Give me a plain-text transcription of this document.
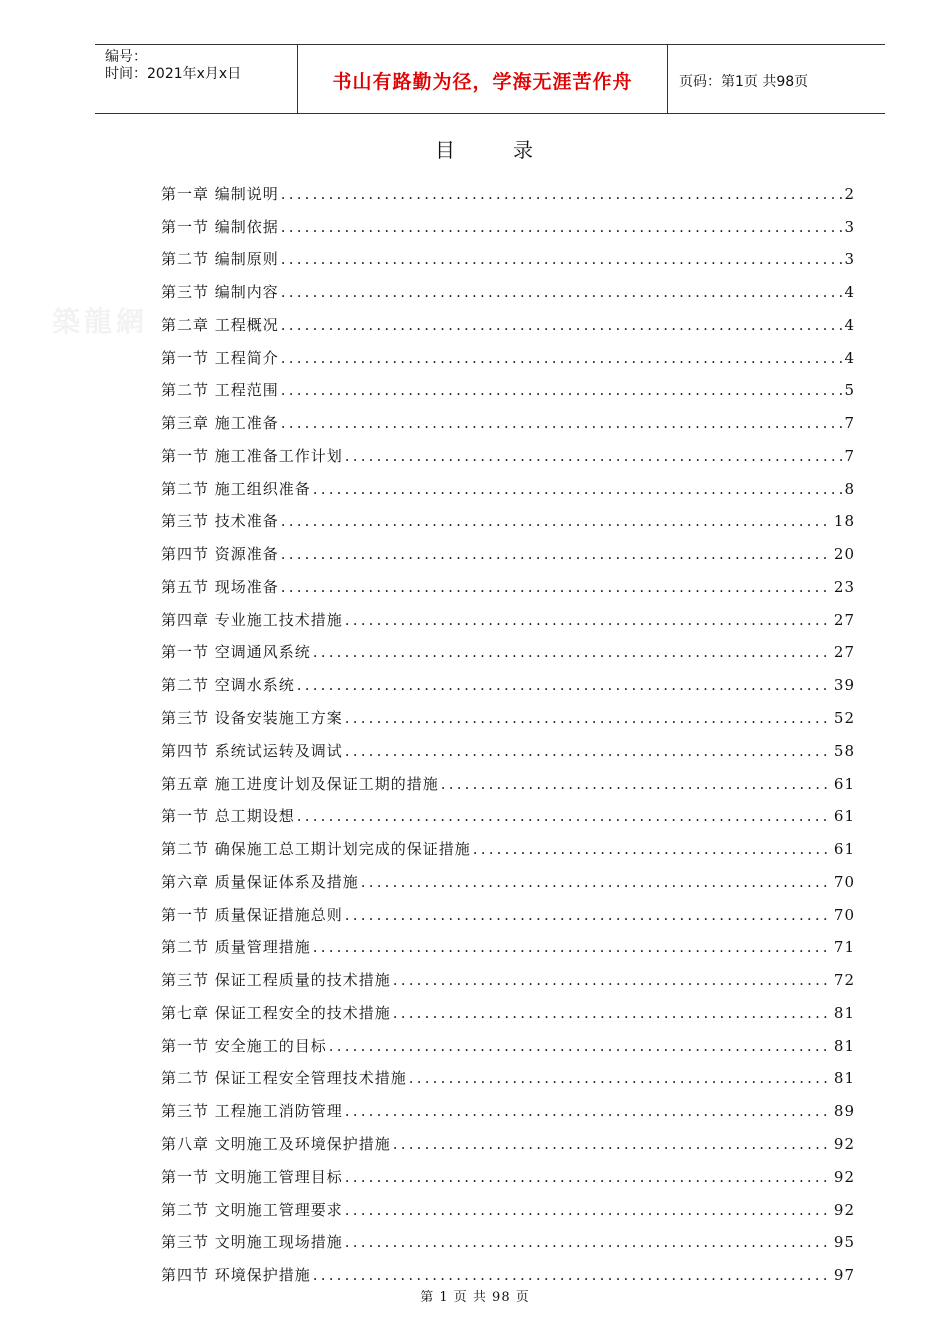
编号：
时间：2021年x月x日	书山有路勤为径，学海无涯苦作舟	页码：第1页 共98页
築龍網
目录
第一章 编制说明 .....	2
第一节 编制依据 .....	3
第二节 编制原则 .....	3
第三节 编制内容 .....	4
第二章 工程概况 .....	4
第一节 工程简介 .....	4
第二节 工程范围 .....	5
第三章 施工准备 .....	7
第一节 施工准备工作计划 .....	7
第二节 施工组织准备 .....	8
第三节 技术准备 .....	18
第四节 资源准备 .....	20
第五节 现场准备 .....	23
第四章 专业施工技术措施 .....	27
第一节 空调通风系统 .....	27
第二节 空调水系统 .....	39
第三节 设备安装施工方案 .....	52
第四节 系统试运转及调试 .....	58
第五章 施工进度计划及保证工期的措施 .....	61
第一节 总工期设想 .....	61
第二节 确保施工总工期计划完成的保证措施 .....	61
第六章 质量保证体系及措施 .....	70
第一节 质量保证措施总则 .....	70
第二节 质量管理措施 .....	71
第三节 保证工程质量的技术措施 .....	72
第七章 保证工程安全的技术措施 .....	81
第一节 安全施工的目标 .....	81
第二节 保证工程安全管理技术措施 .....	81
第三节 工程施工消防管理 .....	89
第八章 文明施工及环境保护措施 .....	92
第一节 文明施工管理目标 .....	92
第二节 文明施工管理要求 .....	92
第三节 文明施工现场措施 .....	95
第四节 环境保护措施 .....	97
第 1 页 共 98 页
